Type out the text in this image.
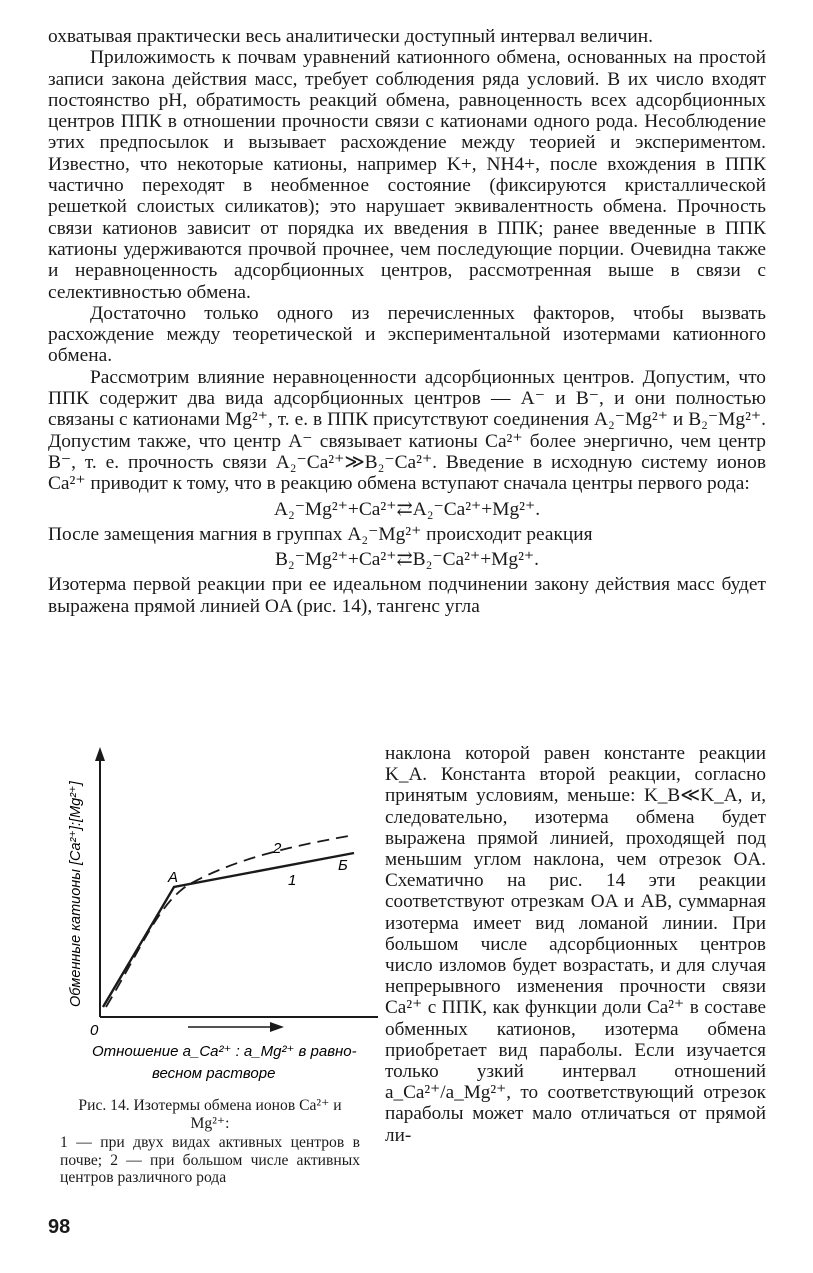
охватывая практически весь аналитически доступный интервал величин.

Приложимость к почвам уравнений катионного обмена, основанных на простой записи закона действия масс, требует соблюдения ряда условий. В их число входят постоянство pH, обратимость реакций обмена, равноценность всех адсорбционных центров ППК в отношении прочности связи с катионами одного рода. Несоблюдение этих предпосылок и вызывает расхождение между теорией и экспериментом. Известно, что некоторые катионы, например K+, NH4+, после вхождения в ППК частично переходят в необменное состояние (фиксируются кристаллической решеткой слоистых силикатов); это нарушает эквивалентность обмена. Прочность связи катионов зависит от порядка их введения в ППК; ранее введенные в ППК катионы удерживаются прочвой прочнее, чем последующие порции. Очевидна также и неравноценность адсорбционных центров, рассмотренная выше в связи с селективностью обмена.

Достаточно только одного из перечисленных факторов, чтобы вызвать расхождение между теоретической и экспериментальной изотермами катионного обмена.

Рассмотрим влияние неравноценности адсорбционных центров. Допустим, что ППК содержит два вида адсорбционных центров — A⁻ и B⁻, и они полностью связаны с катионами Mg²⁺, т. е. в ППК присутствуют соединения A₂⁻Mg²⁺ и B₂⁻Mg²⁺. Допустим также, что центр A⁻ связывает катионы Ca²⁺ более энергично, чем центр B⁻, т. е. прочность связи A₂⁻Ca²⁺≫B₂⁻Ca²⁺. Введение в исходную систему ионов Ca²⁺ приводит к тому, что в реакцию обмена вступают сначала центры первого рода:

A₂⁻Mg²⁺+Ca²⁺⇄A₂⁻Ca²⁺+Mg²⁺.

После замещения магния в группах A₂⁻Mg²⁺ происходит реакция

B₂⁻Mg²⁺+Ca²⁺⇄B₂⁻Ca²⁺+Mg²⁺.

Изотерма первой реакции при ее идеальном подчинении закону действия масс будет выражена прямой линией OA (рис. 14), тангенс угла

A
2
1
Б
0
Обменные катионы [Ca²⁺]:[Mg²⁺]
Отношение a_Ca²⁺ : a_Mg²⁺ в равно-
весном растворе
Рис. 14. Изотермы обмена ионов Ca²⁺ и Mg²⁺:
1 — при двух видах активных центров в почве; 2 — при большом числе активных центров различного рода

наклона которой равен константе реакции K_A. Константа второй реакции, согласно принятым условиям, меньше: K_B≪K_A, и, следовательно, изотерма обмена будет выражена прямой линией, проходящей под меньшим углом наклона, чем отрезок OA. Схематично на рис. 14 эти реакции соответствуют отрезкам OA и AB, суммарная изотерма имеет вид ломаной линии. При большом числе адсорбционных центров число изломов будет возрастать, и для случая непрерывного изменения прочности связи Ca²⁺ с ППК, как функции доли Ca²⁺ в составе обменных катионов, изотерма обмена приобретает вид параболы. Если изучается только узкий интервал отношений a_Ca²⁺/a_Mg²⁺, то соответствующий отрезок параболы может мало отличаться от прямой ли-

98
